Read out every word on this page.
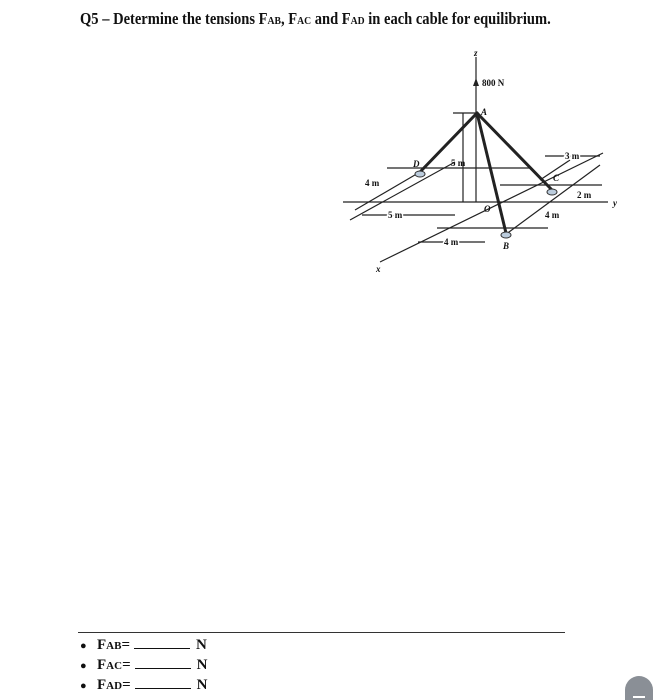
Q5 – Determine the tensions FAB, FAC and FAD in each cable for equilibrium.
z
y
x
800 N
A
D
C
B
O
5 m
4 m
5 m
3 m
2 m
4 m
4 m
● F AB =	N
● F AC =	N
● F AD =	N
